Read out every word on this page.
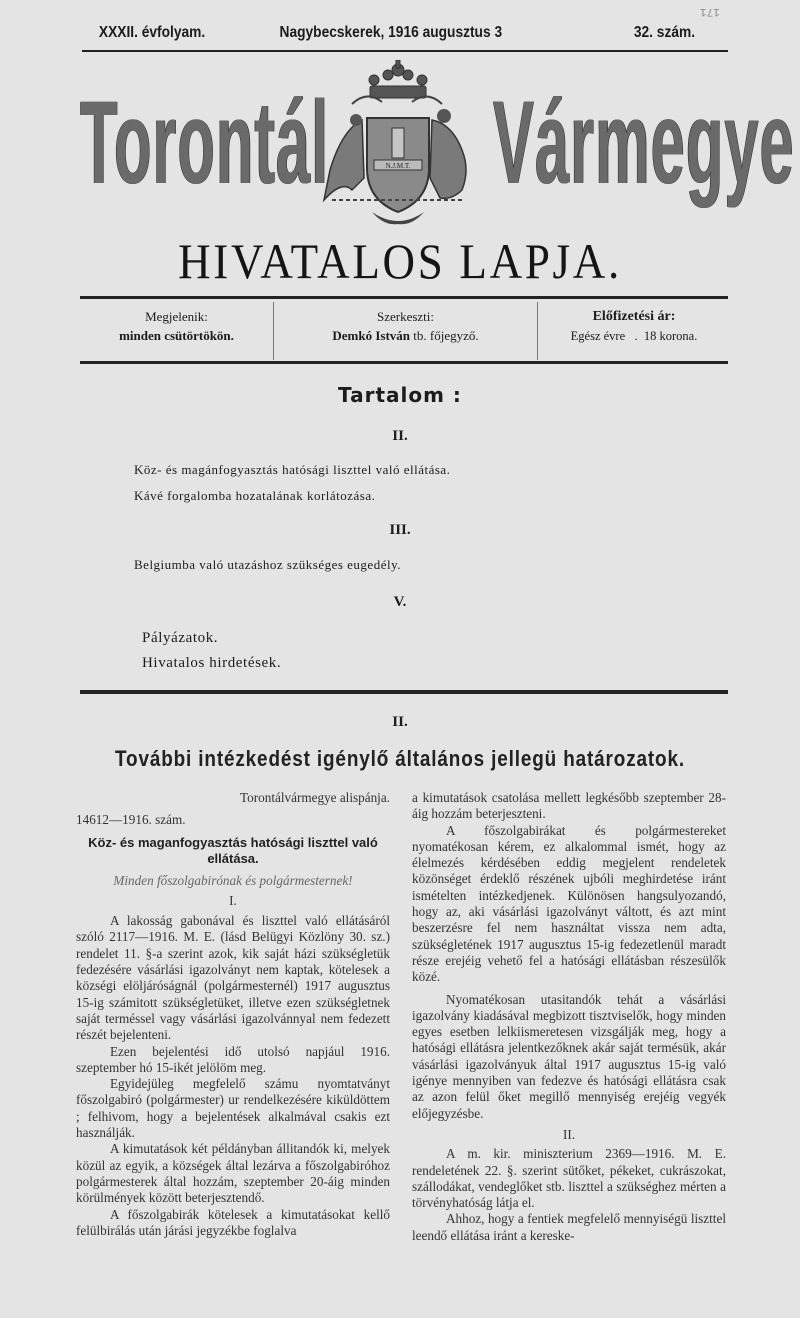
171
XXXII. évfolyam.	Nagybecskerek, 1916 augusztus 3	32. szám.
Torontál Vármegye
N.J.M.T.
HIVATALOS LAPJA.
Megjelenik:
minden csütörtökön.
Szerkeszti:
Demkó István tb. főjegyző.
Előfizetési ár:
Egész évre   .  18 korona.
Tartalom :
II.
Köz- és magánfogyasztás hatósági liszttel való ellátása.
Kávé forgalomba hozatalának korlátozása.
III.
Belgiumba való utazáshoz szükséges eugedély.
V.
Pályázatok.
Hivatalos hirdetések.
II.
További intézkedést igénylő általános jellegü határozatok.

Torontálvármegye alispánja.

14612—1916. szám.

Köz- és maganfogyasztás hatósági liszttel való ellátása.

Minden főszolgabirónak és polgármesternek!

I.

A lakosság gabonával és liszttel való ellátásáról szóló 2117—1916. M. E. (lásd Belügyi Közlöny 30. sz.) rendelet 11. §-a szerint azok, kik saját házi szükségletük fedezésére vásárlási igazolványt nem kaptak, kötelesek a községi elöljáróságnál (polgármesternél) 1917 augusztus 15-ig számitott szükségletüket, illetve ezen szükségletnek saját terméssel vagy vásárlási igazolvánnyal nem fedezett részét bejelenteni.

Ezen bejelentési idő utolsó napjául 1916. szeptember hó 15-ikét jelölöm meg.

Egyidejüleg megfelelő számu nyomtatványt főszolgabiró (polgármester) ur rendelkezésére kiküldöttem ; felhivom, hogy a bejelentések alkalmával csakis ezt használják.

A kimutatások két példányban állitandók ki, melyek közül az egyik, a községek által lezárva a főszolgabiróhoz polgármesterek által hozzám, szeptember 20-áig minden körülmények között beterjesztendő.

A főszolgabirák kötelesek a kimutatásokat kellő felülbirálás után járási jegyzékbe foglalva

a kimutatások csatolása mellett legkésőbb szeptember 28-áig hozzám beterjeszteni.

A főszolgabirákat és polgármestereket nyomatékosan kérem, ez alkalommal ismét, hogy az élelmezés kérdésében eddig megjelent rendeletek közönséget érdeklő részének ujbóli meghirdetése iránt ismételten intézkedjenek. Különösen hangsulyozandó, hogy az, aki vásárlási igazolványt váltott, és azt mint beszerzésre fel nem használtat vissza nem adta, szükségletének 1917 augusztus 15-ig fedezetlenül maradt része erejéig vehető fel a hatósági ellátásban részesülők közé.

Nyomatékosan utasitandók tehát a vásárlási igazolvány kiadásával megbizott tisztviselők, hogy minden egyes esetben lelkiismeretesen vizsgálják meg, hogy a hatósági ellátásra jelentkezőknek akár saját termésük, akár vásárlási igazolványuk által 1917 augusztus 15-ig való igénye mennyiben van fedezve és hatósági ellátásra csak az azon felül őket megillő mennyiség erejéig vegyék előjegyzésbe.

II.

A m. kir. miniszterium 2369—1916. M. E. rendeletének 22. §. szerint sütőket, pékeket, cukrászokat, szállodákat, vendeglőket stb. liszttel a szükséghez mérten a törvényhatóság látja el.

Ahhoz, hogy a fentiek megfelelő mennyiségü liszttel leendő ellátása iránt a kereske-
